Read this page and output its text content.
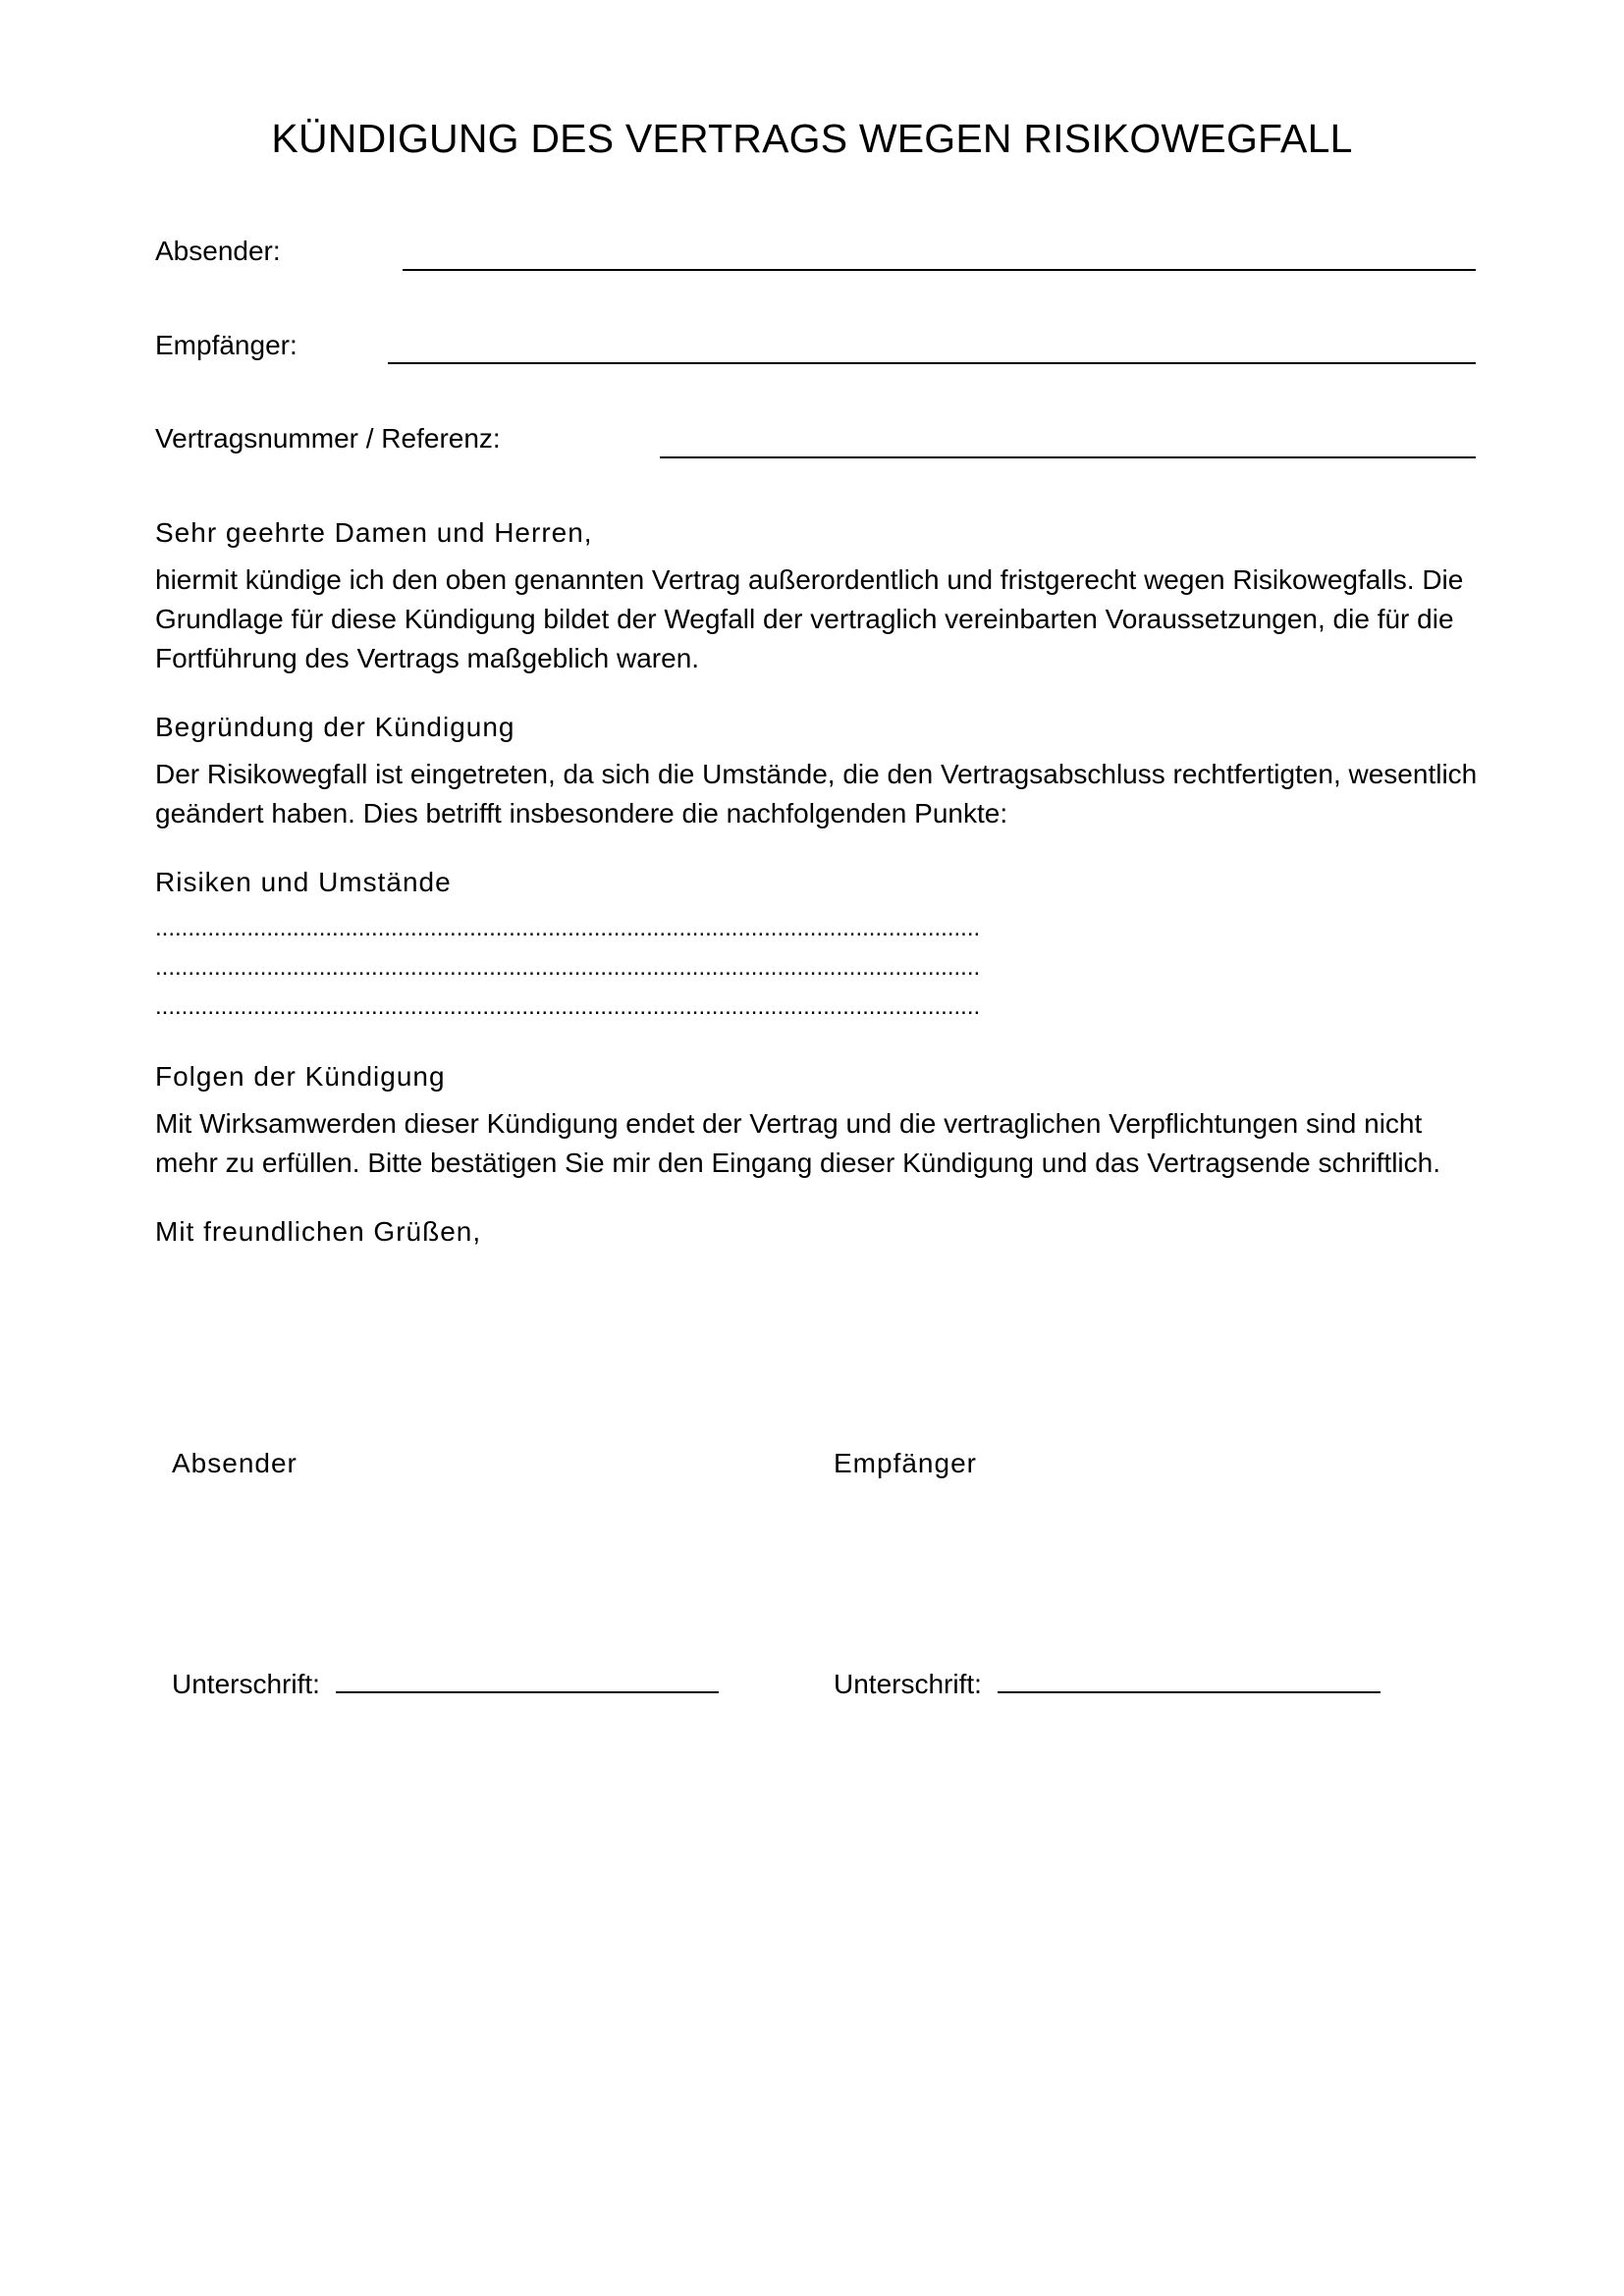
KÜNDIGUNG DES VERTRAGS WEGEN RISIKOWEGFALL
Absender:
Empfänger:
Vertragsnummer / Referenz:
Sehr geehrte Damen und Herren,
hiermit kündige ich den oben genannten Vertrag außerordentlich und fristgerecht wegen Risikowegfalls. Die
Grundlage für diese Kündigung bildet der Wegfall der vertraglich vereinbarten Voraussetzungen, die für die
Fortführung des Vertrags maßgeblich waren.
Begründung der Kündigung
Der Risikowegfall ist eingetreten, da sich die Umstände, die den Vertragsabschluss rechtfertigten, wesentlich
geändert haben. Dies betrifft insbesondere die nachfolgenden Punkte:
Risiken und Umstände
..............................................................................................................................
..............................................................................................................................
..............................................................................................................................
Folgen der Kündigung
Mit Wirksamwerden dieser Kündigung endet der Vertrag und die vertraglichen Verpflichtungen sind nicht
mehr zu erfüllen. Bitte bestätigen Sie mir den Eingang dieser Kündigung und das Vertragsende schriftlich.
Mit freundlichen Grüßen,
Absender	Empfänger
Unterschrift:	Unterschrift:
